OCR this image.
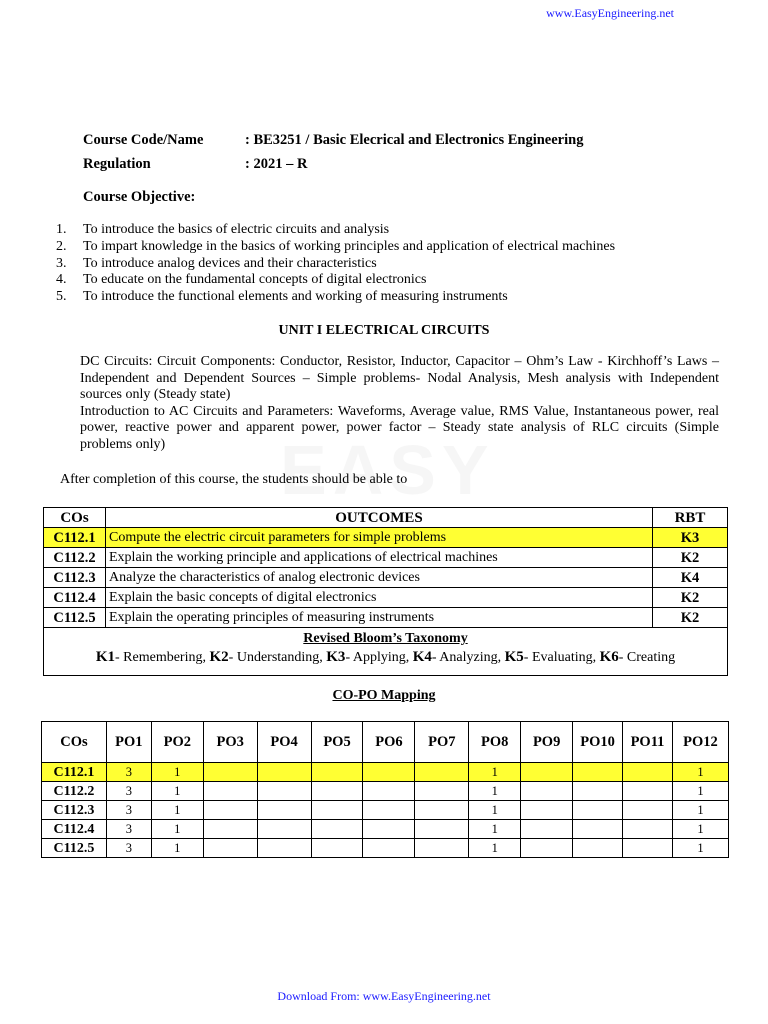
www.EasyEngineering.net
Course Code/Name	: BE3251 / Basic Elecrical and Electronics Engineering
Regulation	: 2021 – R
Course Objective:
1.	To introduce the basics of electric circuits and analysis
2.	To impart knowledge in the basics of working principles and application of electrical machines
3.	To introduce analog devices and their characteristics
4.	To educate on the fundamental concepts of digital electronics
5.	To introduce the functional elements and working of measuring instruments
UNIT I ELECTRICAL CIRCUITS

DC Circuits: Circuit Components: Conductor, Resistor, Inductor, Capacitor – Ohm’s Law - Kirchhoff’s Laws –Independent and Dependent Sources – Simple problems- Nodal Analysis, Mesh analysis with Independent sources only (Steady state)

Introduction to AC Circuits and Parameters: Waveforms, Average value, RMS Value, Instantaneous power, real power, reactive power and apparent power, power factor – Steady state analysis of RLC circuits (Simple problems only)

After completion of this course, the students should be able to
COs	OUTCOMES	RBT
C112.1	Compute the electric circuit parameters for simple problems	K3
C112.2	Explain the working principle and applications of electrical machines	K2
C112.3	Analyze the characteristics of analog electronic devices	K4
C112.4	Explain the basic concepts of digital electronics	K2
C112.5	Explain the operating principles of measuring instruments	K2

Revised Bloom’s Taxonomy
K1- Remembering, K2- Understanding, K3- Applying, K4- Analyzing, K5- Evaluating, K6- Creating		
CO-PO Mapping
COs	PO1	PO2	PO3	PO4	PO5	PO6	PO7	PO8	PO9	PO10	PO11	PO12
C112.1	3	1						1				1
C112.2	3	1						1				1
C112.3	3	1						1				1
C112.4	3	1						1				1
C112.5	3	1						1				1
Download From: www.EasyEngineering.net
